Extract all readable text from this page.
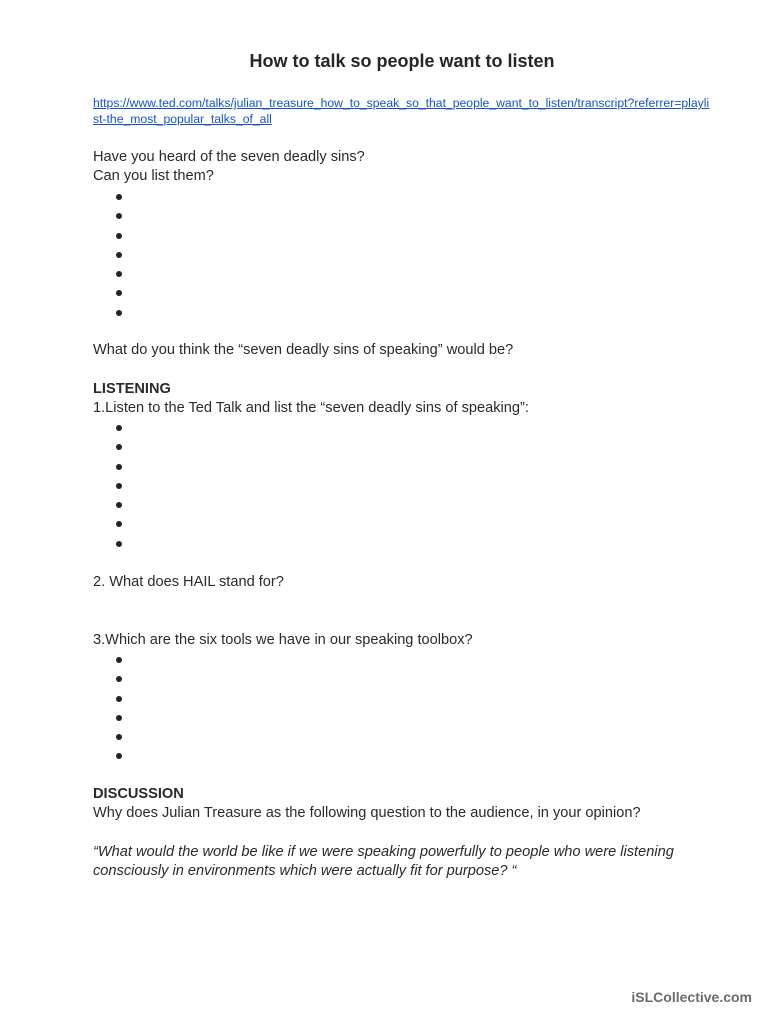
How to talk so people want to listen
https://www.ted.com/talks/julian_treasure_how_to_speak_so_that_people_want_to_listen/transcript?referrer=playlist-the_most_popular_talks_of_all
Have you heard of the seven deadly sins?
Can you list them?
What do you think the “seven deadly sins of speaking” would be?
LISTENING
1.Listen to the Ted Talk and list the “seven deadly sins of speaking”:
2. What does HAIL stand for?
3.Which are the six tools we have in our speaking toolbox?
DISCUSSION
Why does Julian Treasure as the following question to the audience, in your opinion?
“What would the world be like if we were speaking powerfully to people who were listening consciously in environments which were actually fit for purpose? “
iSLCollective.com
